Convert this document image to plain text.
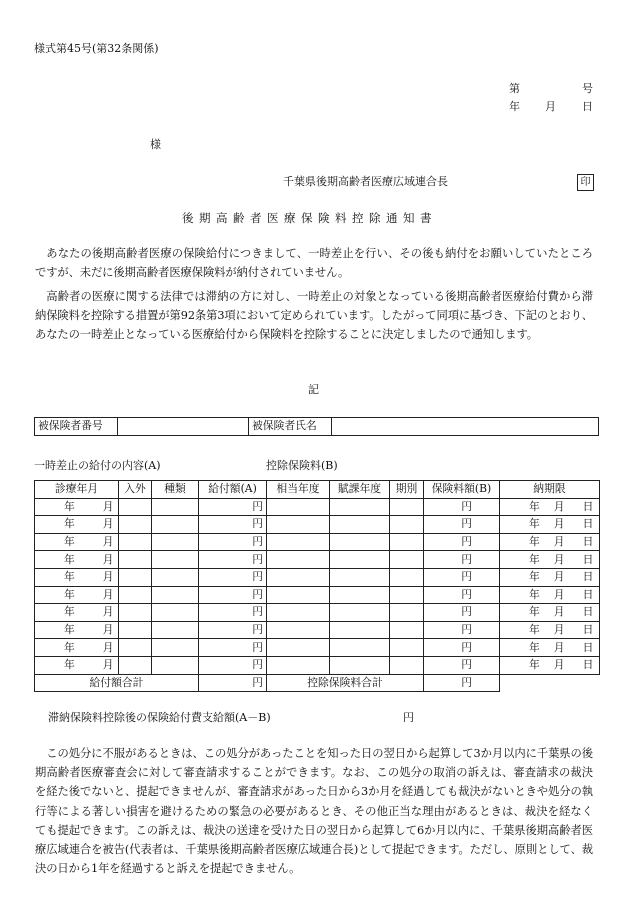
様式第45号(第32条関係)
第	号
年 月 日
様
千葉県後期高齢者医療広域連合長	印
後期高齢者医療保険料控除通知書
あなたの後期高齢者医療の保険給付につきまして、一時差止を行い、その後も納付をお願いしていたところですが、未だに後期高齢者医療保険料が納付されていません。
高齢者の医療に関する法律では滞納の方に対し、一時差止の対象となっている後期高齢者医療給付費から滞納保険料を控除する措置が第92条第3項において定められています。したがって同項に基づき、下記のとおり、あなたの一時差止となっている医療給付から保険料を控除することに決定しましたので通知します。
記
被保険者番号		被保険者氏名	
一時差止の給付の内容(A)	控除保険料(B)
診療年月	入外	種類	給付額(A)	相当年度	賦課年度	期別	保険料額(B)	納期限
年 月			円				円	年 月 日
年 月			円				円	年 月 日
年 月			円				円	年 月 日
年 月			円				円	年 月 日
年 月			円				円	年 月 日
年 月			円				円	年 月 日
年 月			円				円	年 月 日
年 月			円				円	年 月 日
年 月			円				円	年 月 日
年 月			円				円	年 月 日
給付額合計			円	控除保険料合計			円	
滞納保険料控除後の保険給付費支給額(A－B)	円
この処分に不服があるときは、この処分があったことを知った日の翌日から起算して3か月以内に千葉県の後期高齢者医療審査会に対して審査請求することができます。なお、この処分の取消の訴えは、審査請求の裁決を経た後でないと、提起できませんが、審査請求があった日から3か月を経過しても裁決がないときや処分の執行等による著しい損害を避けるための緊急の必要があるとき、その他正当な理由があるときは、裁決を経なくても提起できます。この訴えは、裁決の送達を受けた日の翌日から起算して6か月以内に、千葉県後期高齢者医療広域連合を被告(代表者は、千葉県後期高齢者医療広域連合長)として提起できます。ただし、原則として、裁決の日から1年を経過すると訴えを提起できません。
